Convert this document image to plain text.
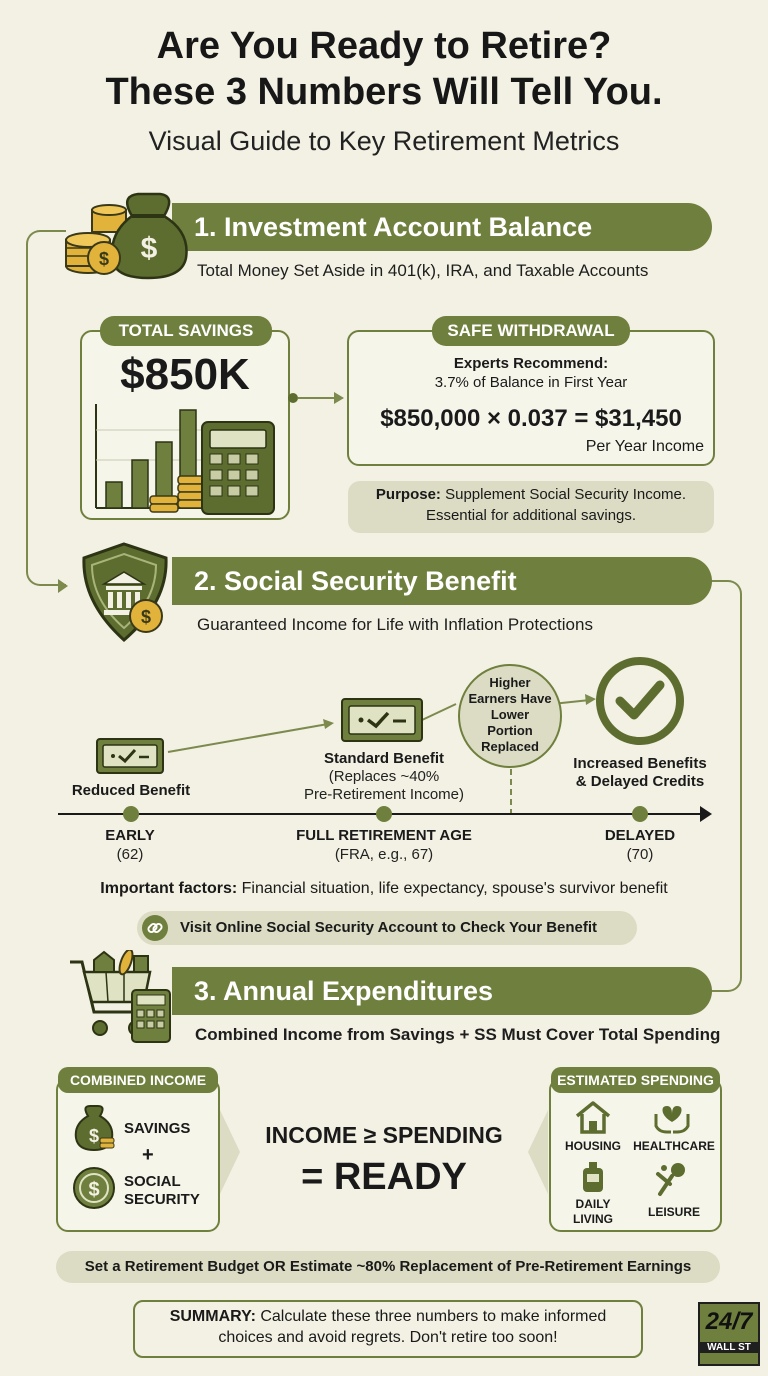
Are You Ready to Retire?
These 3 Numbers Will Tell You.
Visual Guide to Key Retirement Metrics
1. Investment Account Balance
$
$
Total Money Set Aside in 401(k), IRA, and Taxable Accounts
TOTAL SAVINGS
$850K
SAFE WITHDRAWAL
Experts Recommend:
3.7% of Balance in First Year
$850,000 × 0.037 = $31,450
Per Year Income
Purpose: Supplement Social Security Income.
Essential for additional savings.
2. Social Security Benefit
$	Guaranteed Income for Life with Inflation Protections
Reduced Benefit
Standard Benefit
(Replaces ~40%
Pre-Retirement Income)
Higher
Earners Have
Lower
Portion
Replaced
Increased Benefits
& Delayed Credits
EARLY
(62)
FULL RETIREMENT AGE
(FRA, e.g., 67)
DELAYED
(70)
Important factors: Financial situation, life expectancy, spouse's survivor benefit
Visit Online Social Security Account to Check Your Benefit
3. Annual Expenditures
Combined Income from Savings + SS Must Cover Total Spending
COMBINED INCOME
$ SAVINGS
+
$ SOCIAL
SECURITY
INCOME ≥ SPENDING
= READY
ESTIMATED SPENDING
HOUSING	HEALTHCARE
DAILY
LIVING	LEISURE
Set a Retirement Budget OR Estimate ~80% Replacement of Pre-Retirement Earnings
SUMMARY: Calculate these three numbers to make informed
choices and avoid regrets. Don't retire too soon!
24/7
WALL ST
